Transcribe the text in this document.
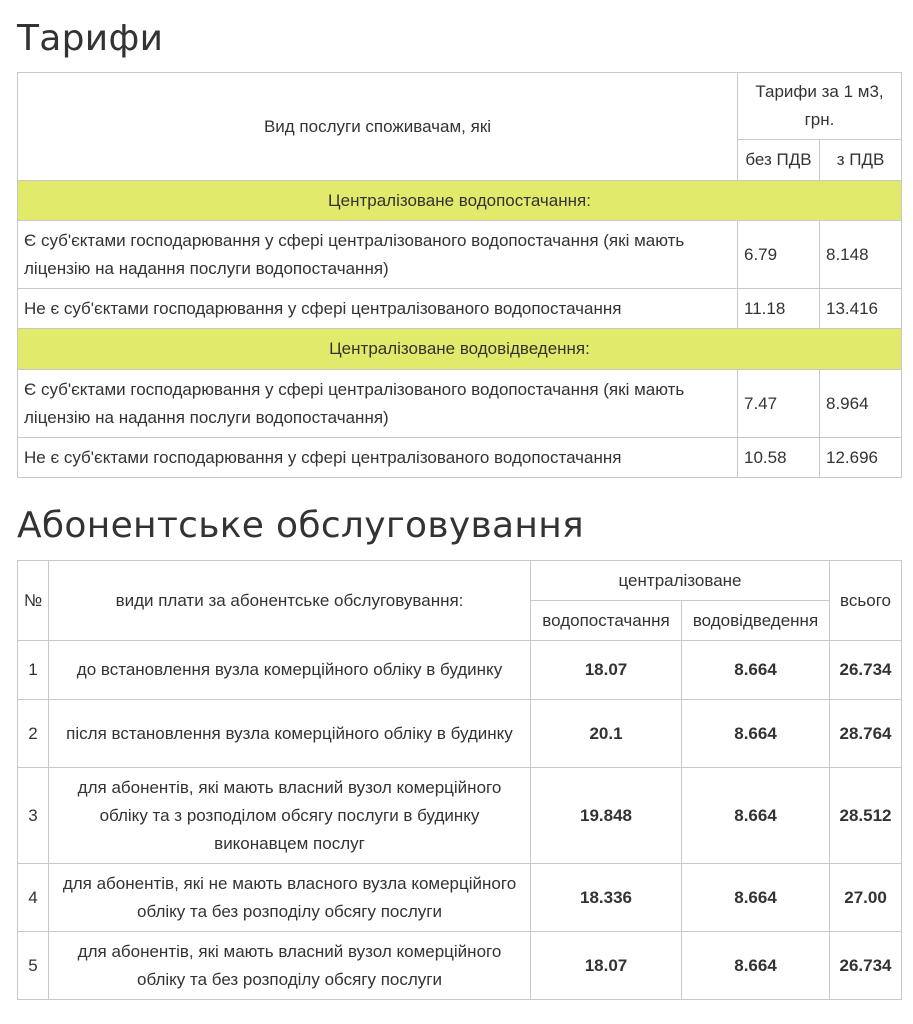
Тарифи
Вид послуги споживачам, які	Тарифи за 1 м3, грн.	
	без ПДВ	з ПДВ
Централізоване водопостачання:		
Є суб'єктами господарювання у сфері централізованого водопостачання (які мають ліцензію на надання послуги водопостачання)	6.79	8.148
Не є суб'єктами господарювання у сфері централізованого водопостачання	11.18	13.416
Централізоване водовідведення:		
Є суб'єктами господарювання у сфері централізованого водопостачання (які мають ліцензію на надання послуги водопостачання)	7.47	8.964
Не є суб'єктами господарювання у сфері централізованого водопостачання	10.58	12.696
Абонентське обслуговування
№	види плати за абонентське обслуговування:	централізоване		всього
		водопостачання	водовідведення	
1	до встановлення вузла комерційного обліку в будинку	18.07	8.664	26.734
2	після встановлення вузла комерційного обліку в будинку	20.1	8.664	28.764
3	для абонентів, які мають власний вузол комерційного обліку та з розподілом обсягу послуги в будинку виконавцем послуг	19.848	8.664	28.512
4	для абонентів, які не мають власного вузла комерційного обліку та без розподілу обсягу послуги	18.336	8.664	27.00
5	для абонентів, які мають власний вузол комерційного обліку та без розподілу обсягу послуги	18.07	8.664	26.734
